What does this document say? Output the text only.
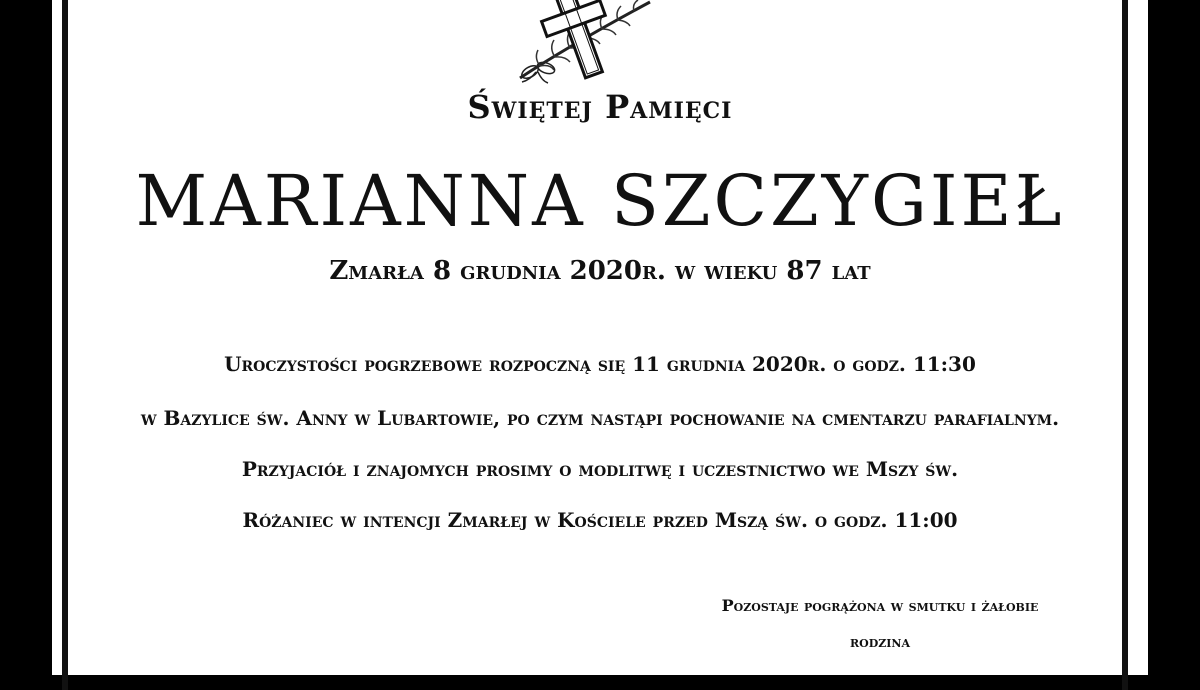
Świętej Pamięci
MARIANNA SZCZYGIEŁ
Zmarła 8 grudnia 2020r. w wieku 87 lat
Uroczystości pogrzebowe rozpoczną się 11 grudnia 2020r. o godz. 11:30
w Bazylice św. Anny w Lubartowie, po czym nastąpi pochowanie na cmentarzu parafialnym.
Przyjaciół i znajomych prosimy o modlitwę i uczestnictwo we Mszy św.
Różaniec w intencji Zmarłej w Kościele przed Mszą św. o godz. 11:00
Pozostaje pogrążona w smutku i żałobie
rodzina
